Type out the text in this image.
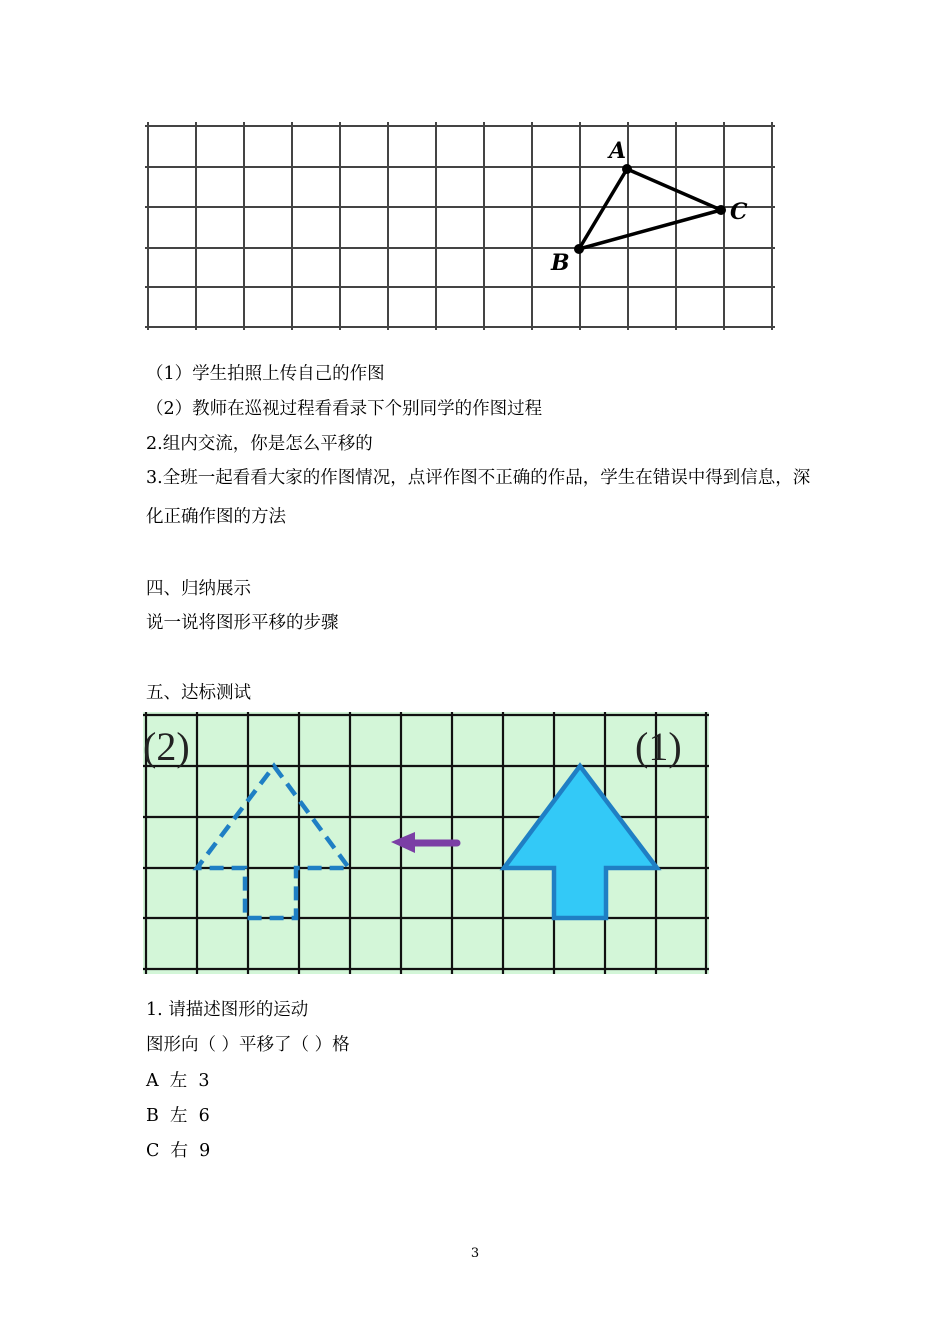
A
C
B
（1）学生拍照上传自己的作图
（2）教师在巡视过程看看录下个别同学的作图过程
2.组内交流，你是怎么平移的
3.全班一起看看大家的作图情况，点评作图不正确的作品，学生在错误中得到信息，深化正确作图的方法
四、归纳展示
说一说将图形平移的步骤
五、达标测试
(2)	(1)
1. 请描述图形的运动
图形向（ ）平移了（ ）格
A  左  3
B  左  6
C  右  9
3
